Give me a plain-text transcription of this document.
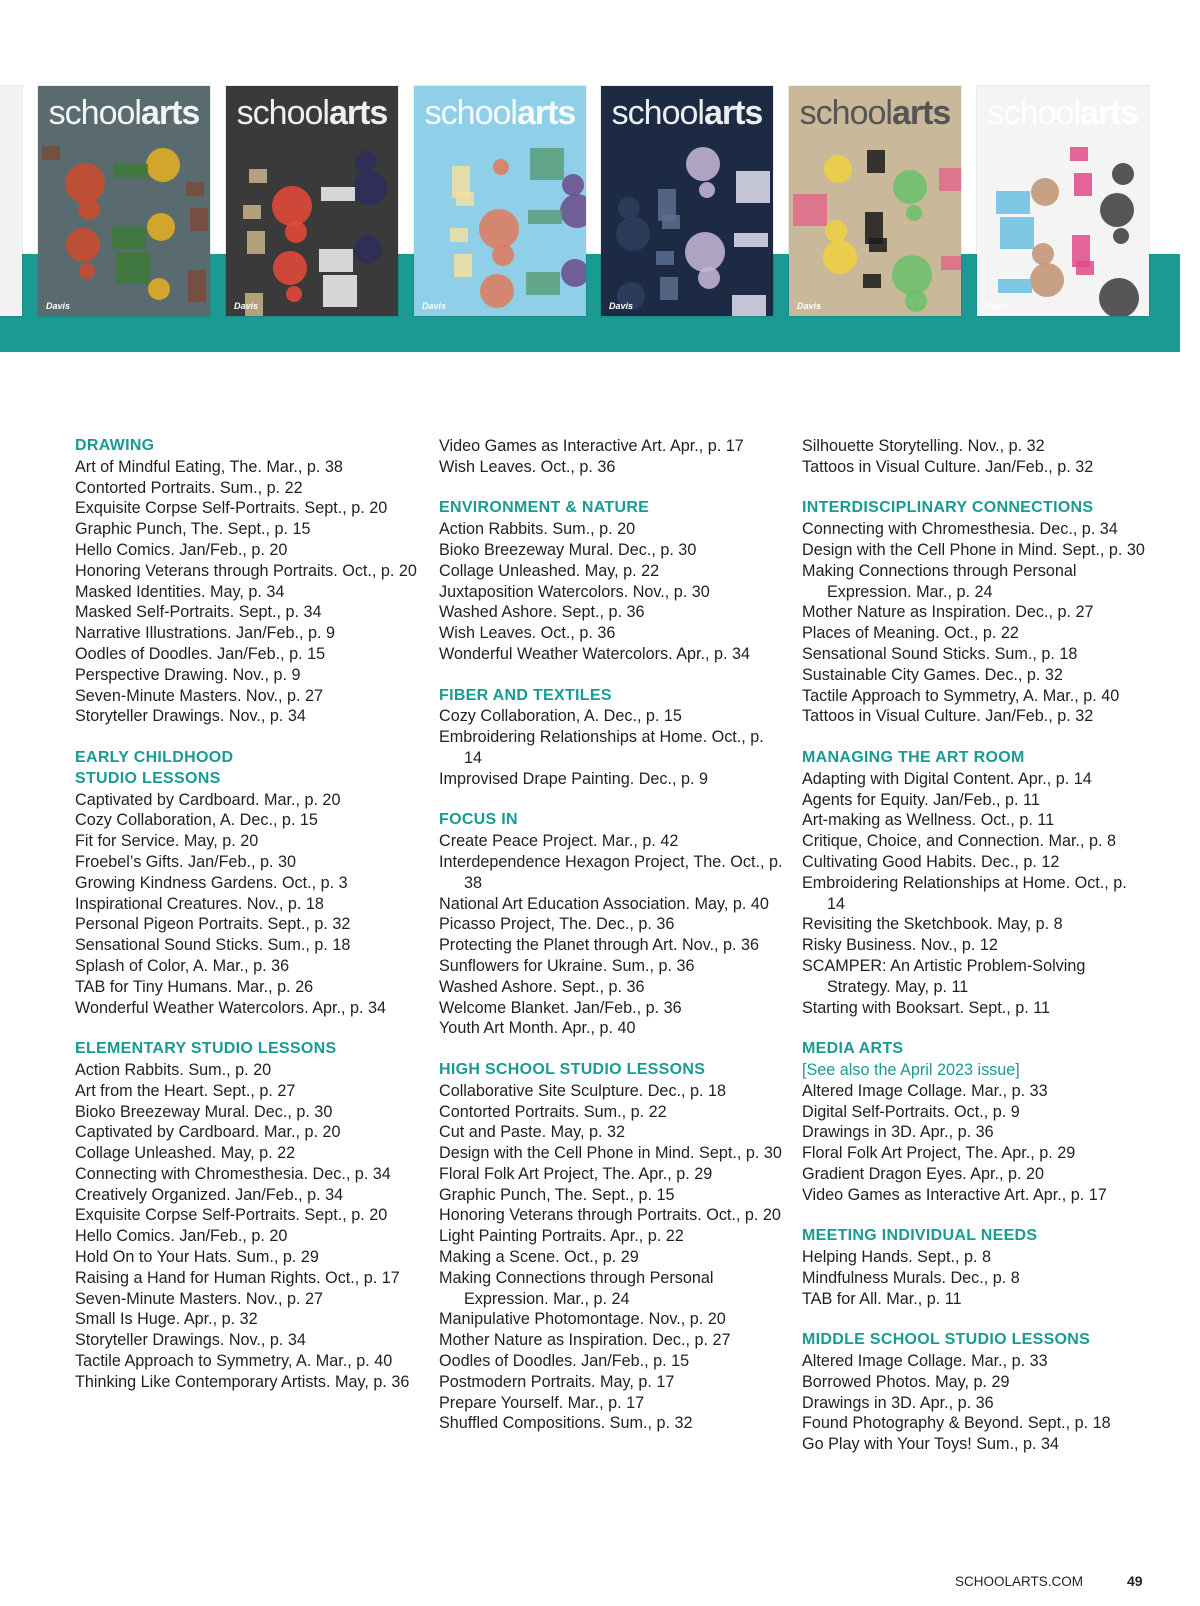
schoolarts
Davis
schoolarts
Davis
schoolarts
Davis
schoolarts
Davis
schoolarts
Davis
schoolarts
Davis
DRAWING
Art of Mindful Eating, The. Mar., p. 38
Contorted Portraits. Sum., p. 22
Exquisite Corpse Self-Portraits. Sept., p. 20
Graphic Punch, The. Sept., p. 15
Hello Comics. Jan/Feb., p. 20
Honoring Veterans through Portraits. Oct., p. 20
Masked Identities. May, p. 34
Masked Self-Portraits. Sept., p. 34
Narrative Illustrations. Jan/Feb., p. 9
Oodles of Doodles. Jan/Feb., p. 15
Perspective Drawing. Nov., p. 9
Seven-Minute Masters. Nov., p. 27
Storyteller Drawings. Nov., p. 34
EARLY CHILDHOOD
STUDIO LESSONS
Captivated by Cardboard. Mar., p. 20
Cozy Collaboration, A. Dec., p. 15
Fit for Service. May, p. 20
Froebel’s Gifts. Jan/Feb., p. 30
Growing Kindness Gardens. Oct., p. 3
Inspirational Creatures. Nov., p. 18
Personal Pigeon Portraits. Sept., p. 32
Sensational Sound Sticks. Sum., p. 18
Splash of Color, A. Mar., p. 36
TAB for Tiny Humans. Mar., p. 26
Wonderful Weather Watercolors. Apr., p. 34
ELEMENTARY STUDIO LESSONS
Action Rabbits. Sum., p. 20
Art from the Heart. Sept., p. 27
Bioko Breezeway Mural. Dec., p. 30
Captivated by Cardboard. Mar., p. 20
Collage Unleashed. May, p. 22
Connecting with Chromesthesia. Dec., p. 34
Creatively Organized. Jan/Feb., p. 34
Exquisite Corpse Self-Portraits. Sept., p. 20
Hello Comics. Jan/Feb., p. 20
Hold On to Your Hats. Sum., p. 29
Raising a Hand for Human Rights. Oct., p. 17
Seven-Minute Masters. Nov., p. 27
Small Is Huge. Apr., p. 32
Storyteller Drawings. Nov., p. 34
Tactile Approach to Symmetry, A. Mar., p. 40
Thinking Like Contemporary Artists. May, p. 36
Video Games as Interactive Art. Apr., p. 17
Wish Leaves. Oct., p. 36
ENVIRONMENT & NATURE
Action Rabbits. Sum., p. 20
Bioko Breezeway Mural. Dec., p. 30
Collage Unleashed. May, p. 22
Juxtaposition Watercolors. Nov., p. 30
Washed Ashore. Sept., p. 36
Wish Leaves. Oct., p. 36
Wonderful Weather Watercolors. Apr., p. 34
FIBER AND TEXTILES
Cozy Collaboration, A. Dec., p. 15
Embroidering Relationships at Home. Oct., p. 14
Improvised Drape Painting. Dec., p. 9
FOCUS IN
Create Peace Project. Mar., p. 42
Interdependence Hexagon Project, The. Oct., p. 38
National Art Education Association. May, p. 40
Picasso Project, The. Dec., p. 36
Protecting the Planet through Art. Nov., p. 36
Sunflowers for Ukraine. Sum., p. 36
Washed Ashore. Sept., p. 36
Welcome Blanket. Jan/Feb., p. 36
Youth Art Month. Apr., p. 40
HIGH SCHOOL STUDIO LESSONS
Collaborative Site Sculpture. Dec., p. 18
Contorted Portraits. Sum., p. 22
Cut and Paste. May, p. 32
Design with the Cell Phone in Mind. Sept., p. 30
Floral Folk Art Project, The. Apr., p. 29
Graphic Punch, The. Sept., p. 15
Honoring Veterans through Portraits. Oct., p. 20
Light Painting Portraits. Apr., p. 22
Making a Scene. Oct., p. 29
Making Connections through Personal Expression. Mar., p. 24
Manipulative Photomontage. Nov., p. 20
Mother Nature as Inspiration. Dec., p. 27
Oodles of Doodles. Jan/Feb., p. 15
Postmodern Portraits. May, p. 17
Prepare Yourself. Mar., p. 17
Shuffled Compositions. Sum., p. 32
Silhouette Storytelling. Nov., p. 32
Tattoos in Visual Culture. Jan/Feb., p. 32
INTERDISCIPLINARY CONNECTIONS
Connecting with Chromesthesia. Dec., p. 34
Design with the Cell Phone in Mind. Sept., p. 30
Making Connections through Personal Expression. Mar., p. 24
Mother Nature as Inspiration. Dec., p. 27
Places of Meaning. Oct., p. 22
Sensational Sound Sticks. Sum., p. 18
Sustainable City Games. Dec., p. 32
Tactile Approach to Symmetry, A. Mar., p. 40
Tattoos in Visual Culture. Jan/Feb., p. 32
MANAGING THE ART ROOM
Adapting with Digital Content. Apr., p. 14
Agents for Equity. Jan/Feb., p. 11
Art-making as Wellness. Oct., p. 11
Critique, Choice, and Connection. Mar., p. 8
Cultivating Good Habits. Dec., p. 12
Embroidering Relationships at Home. Oct., p. 14
Revisiting the Sketchbook. May, p. 8
Risky Business. Nov., p. 12
SCAMPER: An Artistic Problem-Solving Strategy. May, p. 11
Starting with Booksart. Sept., p. 11
MEDIA ARTS
[See also the April 2023 issue]
Altered Image Collage. Mar., p. 33
Digital Self-Portraits. Oct., p. 9
Drawings in 3D. Apr., p. 36
Floral Folk Art Project, The. Apr., p. 29
Gradient Dragon Eyes. Apr., p. 20
Video Games as Interactive Art. Apr., p. 17
MEETING INDIVIDUAL NEEDS
Helping Hands. Sept., p. 8
Mindfulness Murals. Dec., p. 8
TAB for All. Mar., p. 11
MIDDLE SCHOOL STUDIO LESSONS
Altered Image Collage. Mar., p. 33
Borrowed Photos. May, p. 29
Drawings in 3D. Apr., p. 36
Found Photography & Beyond. Sept., p. 18
Go Play with Your Toys! Sum., p. 34
SCHOOLARTS.COM	49
